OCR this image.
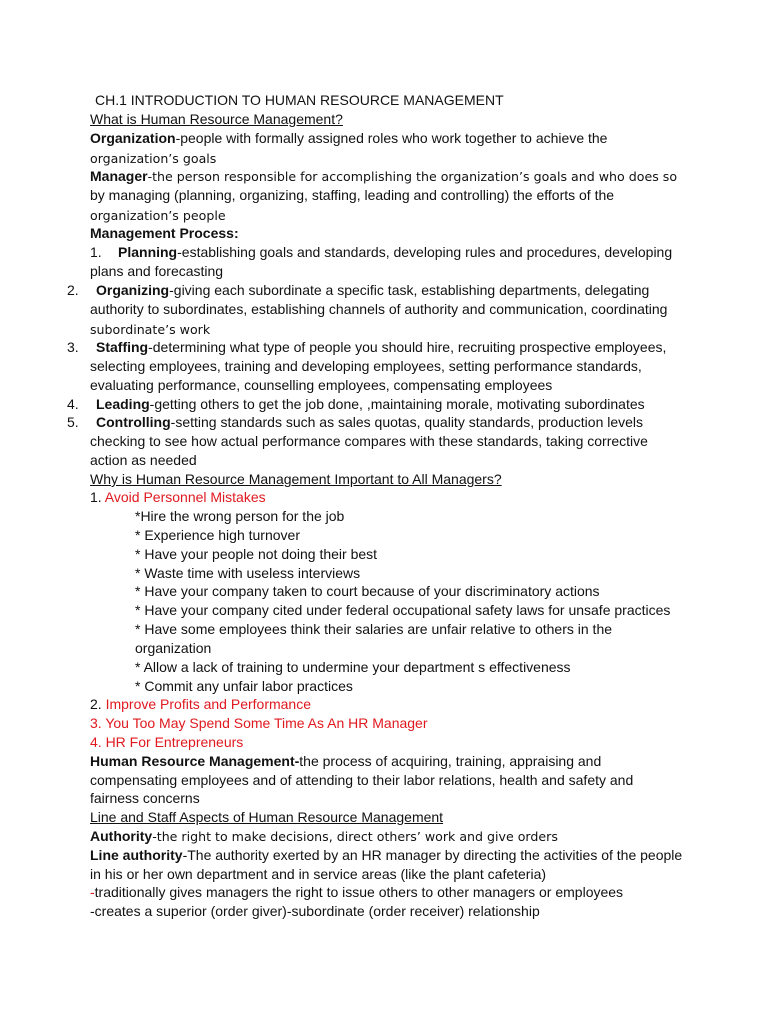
CH.1 INTRODUCTION TO HUMAN RESOURCE MANAGEMENT
What is Human Resource Management?
Organization-people with formally assigned roles who work together to achieve the
organization’s goals
Manager-the person responsible for accomplishing the organization’s goals and who does so
by managing (planning, organizing, staffing, leading and controlling) the efforts of the
organization’s people
Management Process:
1. Planning-establishing goals and standards, developing rules and procedures, developing
plans and forecasting
2. Organizing-giving each subordinate a specific task, establishing departments, delegating
authority to subordinates, establishing channels of authority and communication, coordinating
subordinate’s work
3. Staffing-determining what type of people you should hire, recruiting prospective employees,
selecting employees, training and developing employees, setting performance standards,
evaluating performance, counselling employees, compensating employees
4. Leading-getting others to get the job done, ,maintaining morale, motivating subordinates
5. Controlling-setting standards such as sales quotas, quality standards, production levels
checking to see how actual performance compares with these standards, taking corrective
action as needed
Why is Human Resource Management Important to All Managers?
1. Avoid Personnel Mistakes
*Hire the wrong person for the job
* Experience high turnover
* Have your people not doing their best
* Waste time with useless interviews
* Have your company taken to court because of your discriminatory actions
* Have your company cited under federal occupational safety laws for unsafe practices
* Have some employees think their salaries are unfair relative to others in the
organization
* Allow a lack of training to undermine your department s effectiveness
* Commit any unfair labor practices
2. Improve Profits and Performance
3. You Too May Spend Some Time As An HR Manager
4. HR For Entrepreneurs
Human Resource Management-the process of acquiring, training, appraising and
compensating employees and of attending to their labor relations, health and safety and
fairness concerns
Line and Staff Aspects of Human Resource Management
Authority-the right to make decisions, direct others’ work and give orders
Line authority-The authority exerted by an HR manager by directing the activities of the people
in his or her own department and in service areas (like the plant cafeteria)
-traditionally gives managers the right to issue others to other managers or employees
-creates a superior (order giver)-subordinate (order receiver) relationship
